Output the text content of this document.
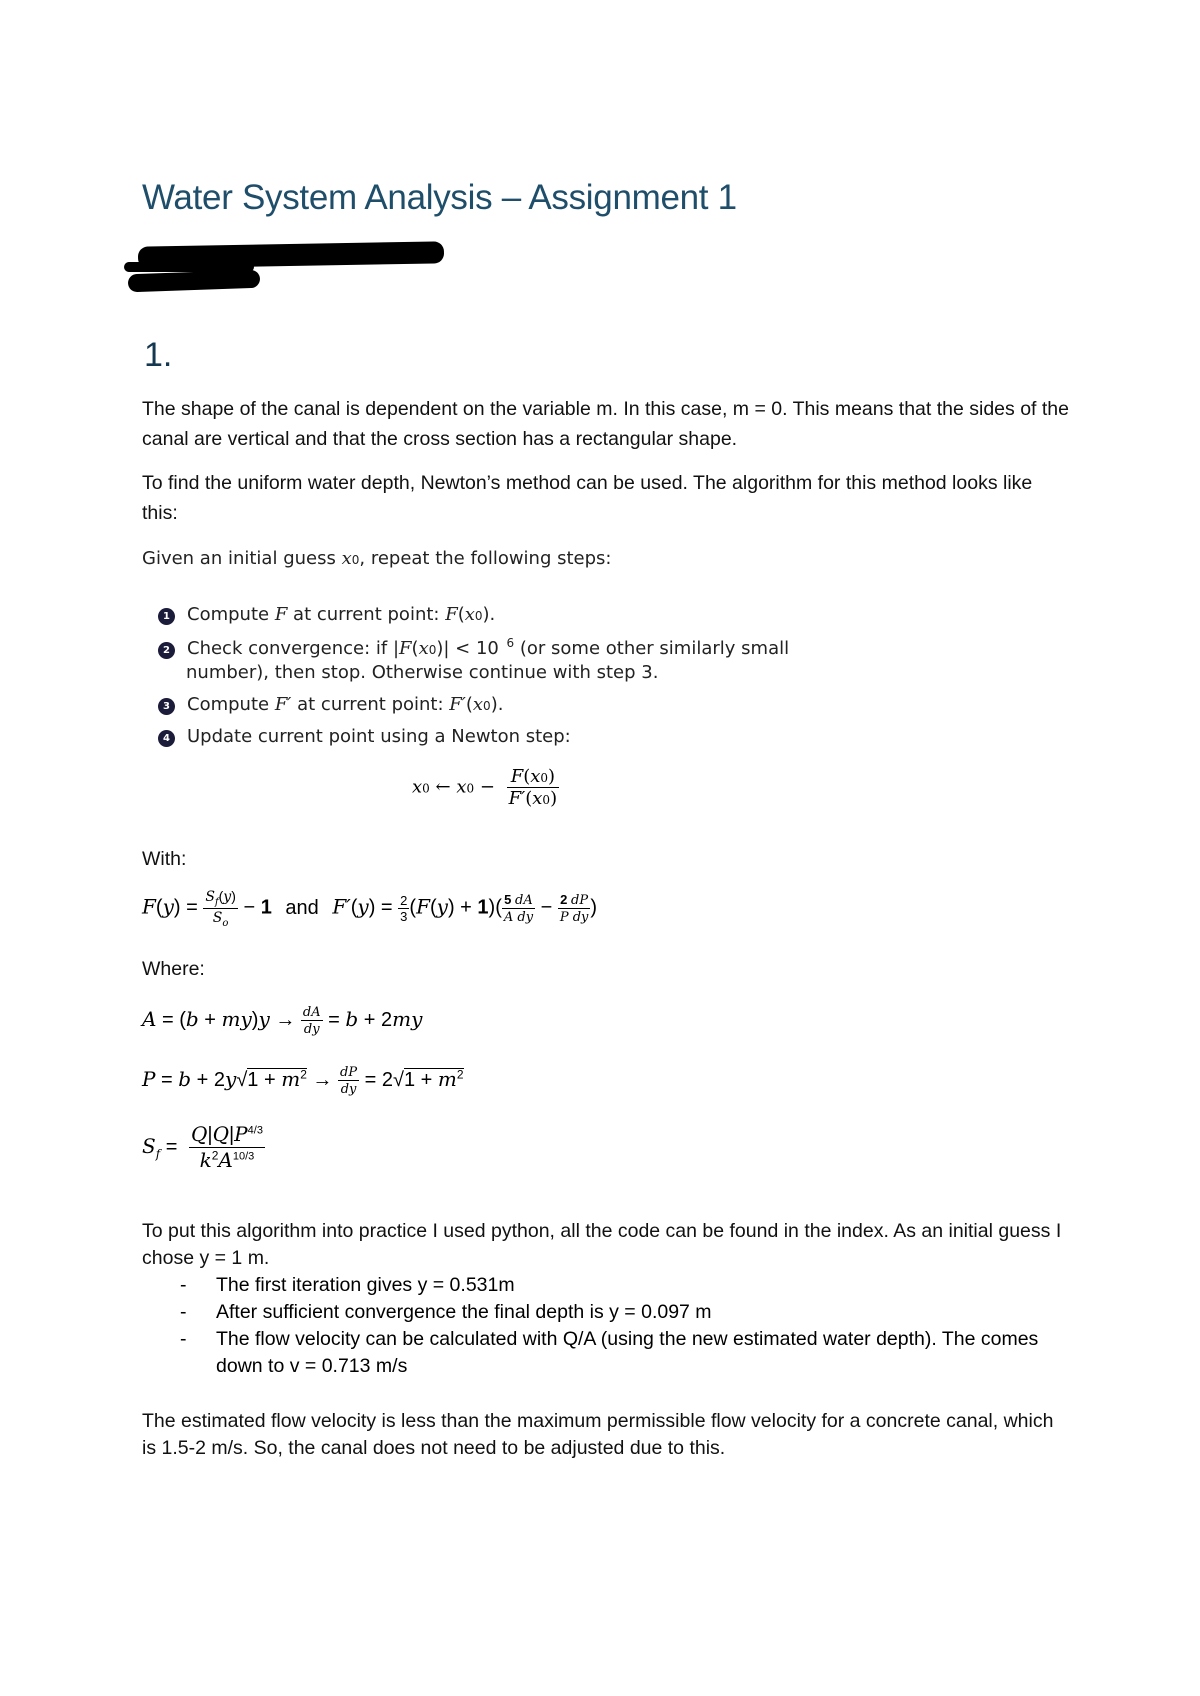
Water System Analysis – Assignment 1
1.
The shape of the canal is dependent on the variable m. In this case, m = 0. This means that the sides of the canal are vertical and that the cross section has a rectangular shape.
To find the uniform water depth, Newton’s method can be used. The algorithm for this method looks like this:
Given an initial guess x0, repeat the following steps:
1 Compute F at current point: F(x0).
2 Check convergence: if |F(x0)| < 10  $^6$ (or some other similarly small
number), then stop. Otherwise continue with step 3.
3 Compute F′ at current point: F′(x0).
4 Update current point using a Newton step:
x0 ← $x0 - \frac{F(x0)}{F'(x0)}$
With:
$F(y) = \frac{S_f(y)}{S_o} - 1$ and $F'(y) = \frac{2}{3} (F(y) + 1)( \frac{5 dA}{\text{A dy}} - \frac{2 dP}{\text{P dy}}$ )
Where:
$A = (b + my)y \to \frac{dA}{dy} = b + 2my$
$P = b + 2y√1 + m^2 \to \frac{dP}{dy} = 2√1 + m^2$
$S_f = \frac{Q|Q|P^{4/3}}{k^2A^{10/3}}$
To put this algorithm into practice I used python, all the code can be found in the index. As an initial guess I chose y = 1 m.
- The first iteration gives y = 0.531m
- After sufficient convergence the final depth is y = 0.097 m
- The flow velocity can be calculated with Q/A (using the new estimated water depth). The comes down to v = 0.713 m/s
The estimated flow velocity is less than the maximum permissible flow velocity for a concrete canal, which is 1.5-2 m/s. So, the canal does not need to be adjusted due to this.
